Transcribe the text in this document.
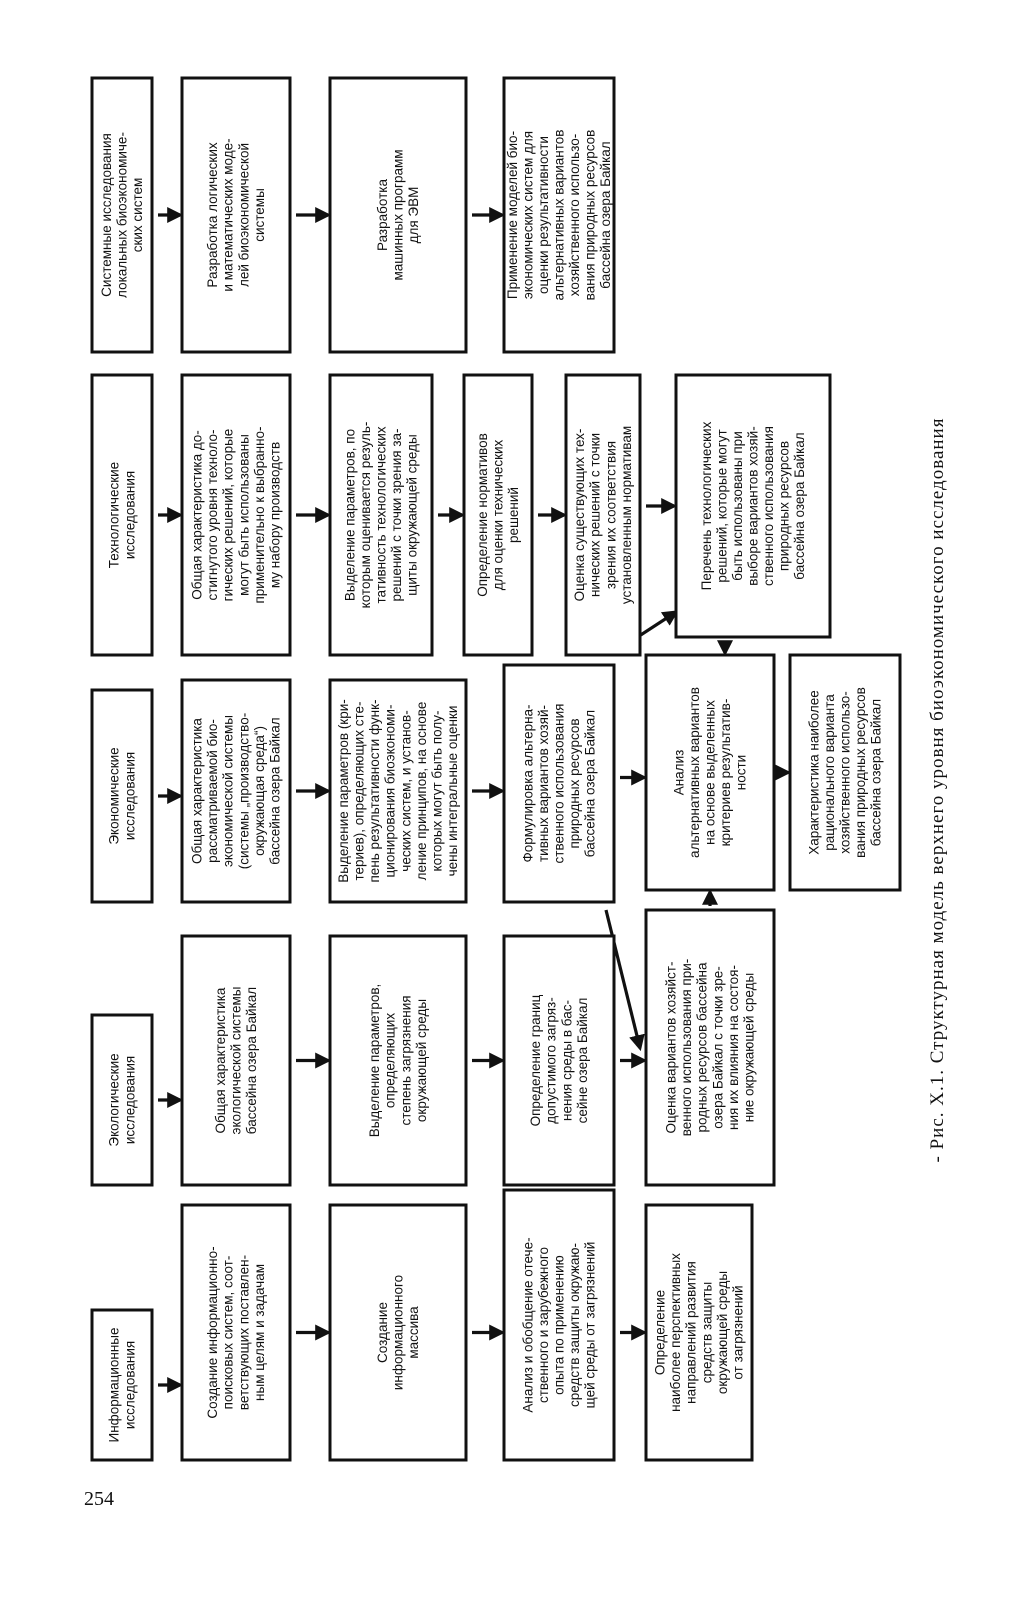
254
Информационныеисследования	Создание информационно-поисковых систем, соот-ветствующих поставлен-ным целям и задачам	Созданиеинформационногомассива	Анализ и обобщение отече-ственного и зарубежногоопыта по применениюсредств защиты окружаю-щей среды от загрязнений	Определениенаиболее перспективныхнаправлений развитиясредств защитыокружающей средыот загрязнений
Экологическиеисследования	Общая характеристикаэкологической системыбассейна озера Байкал	Выделение параметров,определяющихстепень загрязненияокружающей среды	Определение границдопустимого загряз-нения среды в бас-сейне озера Байкал	Оценка вариантов хозяйст-венного использования при-родных ресурсов бассейнаозера Байкал с точки зре-ния их влияния на состоя-ние окружающей среды
Экономическиеисследования	Общая характеристикарассматриваемой био-экономической системы(системы „производство-окружающая среда“)бассейна озера Байкал	Выделение параметров (кри-териев), определяющих сте-пень результативности функ-ционирования биоэкономи-ческих систем, и установ-ление принципов, на основекоторых могут быть полу-чены интегральные оценки	Формулировка альтерна-тивных вариантов хозяй-ственного использованияприродных ресурсовбассейна озера Байкал	Анализальтернативных вариантовна основе выделенныхкритериев результатив-ности	Характеристика наиболеерационального вариантахозяйственного использо-вания природных ресурсовбассейна озера Байкал
Технологическиеисследования	Общая характеристика до-стигнутого уровня техноло-гических решений, которыемогут быть использованыприменительно к выбранно-му набору производств	Выделение параметров, покоторым оценивается резуль-тативность технологическихрешений с точки зрения за-щиты окружающей среды	Определение нормативовдля оценки техническихрешений	Оценка существующих тех-нических решений с точкизрения их соответствияустановленным нормативам	Перечень технологическихрешений, которые могутбыть использованы привыборе вариантов хозяй-ственного использованияприродных ресурсовбассейна озера Байкал
Системные исследованиялокальных биоэкономиче-ских систем	Разработка логическихи математических моде-лей биоэкономическойсистемы	Разработкамашинных программдля ЭВМ	Применение моделей био-экономических систем дляоценки результативностиальтернативных вариантовхозяйственного использо-вания природных ресурсовбассейна озера Байкал
- Рис. X.1. Структурная модель верхнего уровня биоэкономического исследования
